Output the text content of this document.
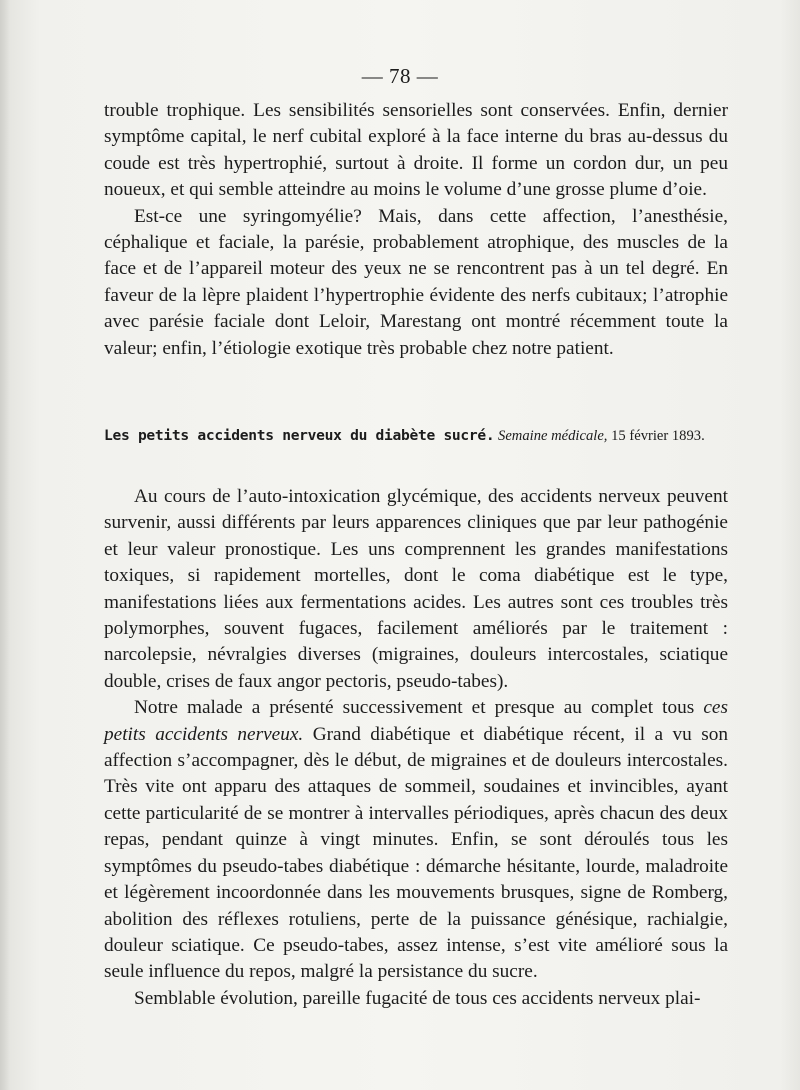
— 78 —

trouble trophique. Les sensibilités sensorielles sont conservées. Enfin, dernier symptôme capital, le nerf cubital exploré à la face interne du bras au-dessus du coude est très hypertrophié, surtout à droite. Il forme un cordon dur, un peu noueux, et qui semble atteindre au moins le volume d’une grosse plume d’oie.

Est-ce une syringomyélie? Mais, dans cette affection, l’anesthésie, céphalique et faciale, la parésie, probablement atrophique, des muscles de la face et de l’appareil moteur des yeux ne se rencontrent pas à un tel degré. En faveur de la lèpre plaident l’hypertrophie évidente des nerfs cubitaux; l’atrophie avec parésie faciale dont Leloir, Marestang ont montré récemment toute la valeur; enfin, l’étiologie exotique très probable chez notre patient.

Les petits accidents nerveux du diabète sucré. Semaine médicale, 15 février 1893.

Au cours de l’auto-intoxication glycémique, des accidents nerveux peuvent survenir, aussi différents par leurs apparences cliniques que par leur pathogénie et leur valeur pronostique. Les uns comprennent les grandes manifestations toxiques, si rapidement mortelles, dont le coma diabétique est le type, manifestations liées aux fermentations acides. Les autres sont ces troubles très polymorphes, souvent fugaces, facilement améliorés par le traitement : narcolepsie, névralgies diverses (migraines, douleurs intercostales, sciatique double, crises de faux angor pectoris, pseudo-tabes).

Notre malade a présenté successivement et presque au complet tous ces petits accidents nerveux. Grand diabétique et diabétique récent, il a vu son affection s’accompagner, dès le début, de migraines et de douleurs intercostales. Très vite ont apparu des attaques de sommeil, soudaines et invincibles, ayant cette particularité de se montrer à intervalles périodiques, après chacun des deux repas, pendant quinze à vingt minutes. Enfin, se sont déroulés tous les symptômes du pseudo-tabes diabétique : démarche hésitante, lourde, maladroite et légèrement incoordonnée dans les mouvements brusques, signe de Romberg, abolition des réflexes rotuliens, perte de la puissance génésique, rachialgie, douleur sciatique. Ce pseudo-tabes, assez intense, s’est vite amélioré sous la seule influence du repos, malgré la persistance du sucre.

Semblable évolution, pareille fugacité de tous ces accidents nerveux plai-
